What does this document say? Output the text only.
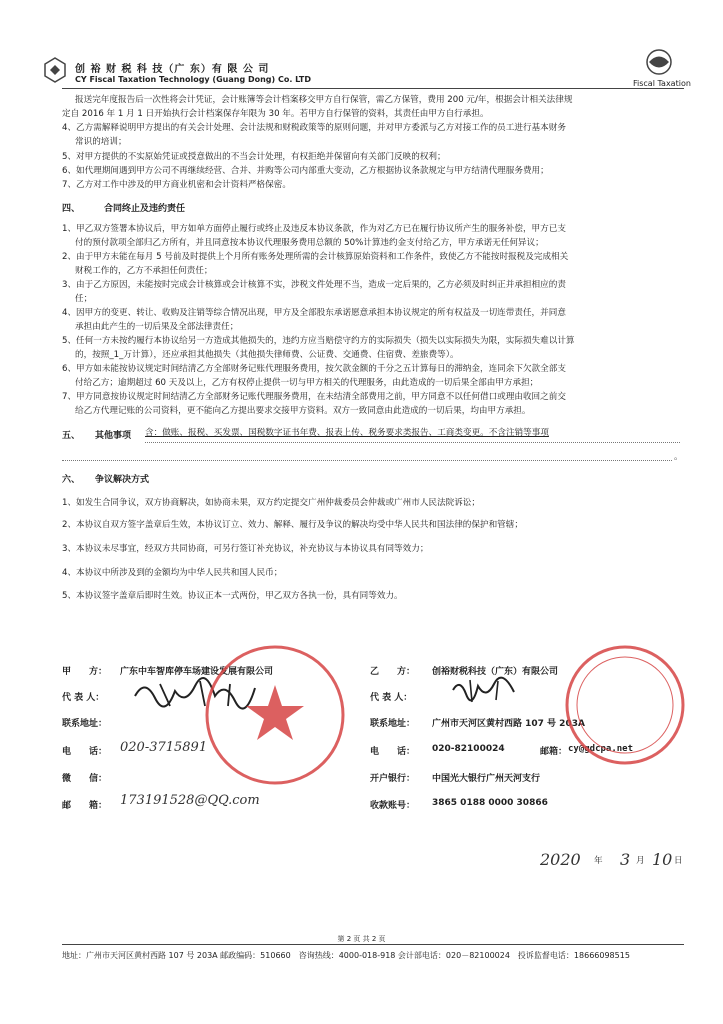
创 裕 财 税 科 技（广 东）有 限 公 司
CY Fiscal Taxation Technology (Guang Dong) Co. LTD	Fiscal Taxation
报送完年度报告后一次性将会计凭证，会计账簿等会计档案移交甲方自行保管，需乙方保管，费用 200 元/年，根据会计相关法律规
定自 2016 年 1 月 1 日开始执行会计档案保存年限为 30 年。若甲方自行保管的资料，其责任由甲方自行承担。
4、乙方需解释说明甲方提出的有关会计处理、会计法规和财税政策等的原则问题，并对甲方委派与乙方对接工作的员工进行基本财务
常识的培训；
5、对甲方提供的不实原始凭证或授意做出的不当会计处理，有权拒绝并保留向有关部门反映的权利；
6、如代理期间遇到甲方公司不再继续经营、合并、并购等公司内部重大变动，乙方根据协议条款规定与甲方结清代理服务费用；
7、乙方对工作中涉及的甲方商业机密和会计资料严格保密。
四、	合同终止及违约责任
1、甲乙双方签署本协议后，甲方如单方面停止履行或终止及违反本协议条款，作为对乙方已在履行协议所产生的服务补偿，甲方已支
付的预付款项全部归乙方所有，并且同意按本协议代理服务费用总额的 50%计算违约金支付给乙方，甲方承诺无任何异议；
2、由于甲方未能在每月 5 号前及时提供上个月所有账务处理所需的会计核算原始资料和工作条件，致使乙方不能按时报税及完成相关
财税工作的，乙方不承担任何责任；
3、由于乙方原因，未能按时完成会计核算或会计核算不实，涉税文件处理不当，造成一定后果的，乙方必须及时纠正并承担相应的责
任；
4、因甲方的变更、转让、收购及注销等综合情况出现，甲方及全部股东承诺愿意承担本协议规定的所有权益及一切连带责任，并同意
承担由此产生的一切后果及全部法律责任；
5、任何一方未按约履行本协议给另一方造成其他损失的，违约方应当赔偿守约方的实际损失（损失以实际损失为限，实际损失难以计算
的，按照_1_万计算），还应承担其他损失（其他损失律师费、公证费、交通费、住宿费、差旅费等）。
6、甲方如未能按协议规定时间结清乙方全部财务记账代理服务费用，按欠款金额的千分之五计算每日的滞纳金，连同余下欠款全部支
付给乙方；逾期超过 60 天及以上，乙方有权停止提供一切与甲方相关的代理服务，由此造成的一切后果全部由甲方承担；
7、甲方同意按协议规定时间结清乙方全部财务记账代理服务费用，在未结清全部费用之前，甲方同意不以任何借口或理由收回之前交
给乙方代理记账的公司资料，更不能向乙方提出要求交接甲方资料。双方一致同意由此造成的一切后果，均由甲方承担。
五、 其他事项 含：做账、报税、买发票、国税数字证书年费、报表上传、税务要求类报告、工商类变更。不含注销等事项
。
六、 争议解决方式
1、如发生合同争议，双方协商解决，如协商未果，双方约定提交广州仲裁委员会仲裁或广州市人民法院诉讼；
2、本协议自双方签字盖章后生效，本协议订立、效力、解释、履行及争议的解决均受中华人民共和国法律的保护和管辖；
3、本协议未尽事宜，经双方共同协商，可另行签订补充协议，补充协议与本协议具有同等效力；
4、本协议中所涉及到的金额均为中华人民共和国人民币；
5、本协议签字盖章后即时生效。协议正本一式两份，甲乙双方各执一份，具有同等效力。
甲　　方： 广东中车智库停车场建设发展有限公司
代 表 人：
联系地址：
电　　话： 020-3715891
微　　信：
邮　　箱： 173191528@QQ.com
乙　　方： 创裕财税科技（广东）有限公司
代 表 人：
联系地址： 广州市天河区黄村西路 107 号 203A
电　　话： 020-82100024	邮箱： cy@gdcpa.net
开户银行： 中国光大银行广州天河支行
收款账号： 3865 0188 0000 30866
2020 年 3 月 10 日
第 2 页 共 2 页
地址：广州市天河区黄村西路 107 号 203A 邮政编码：510660　咨询热线：4000-018-918 会计部电话：020－82100024　投诉监督电话：18666098515
